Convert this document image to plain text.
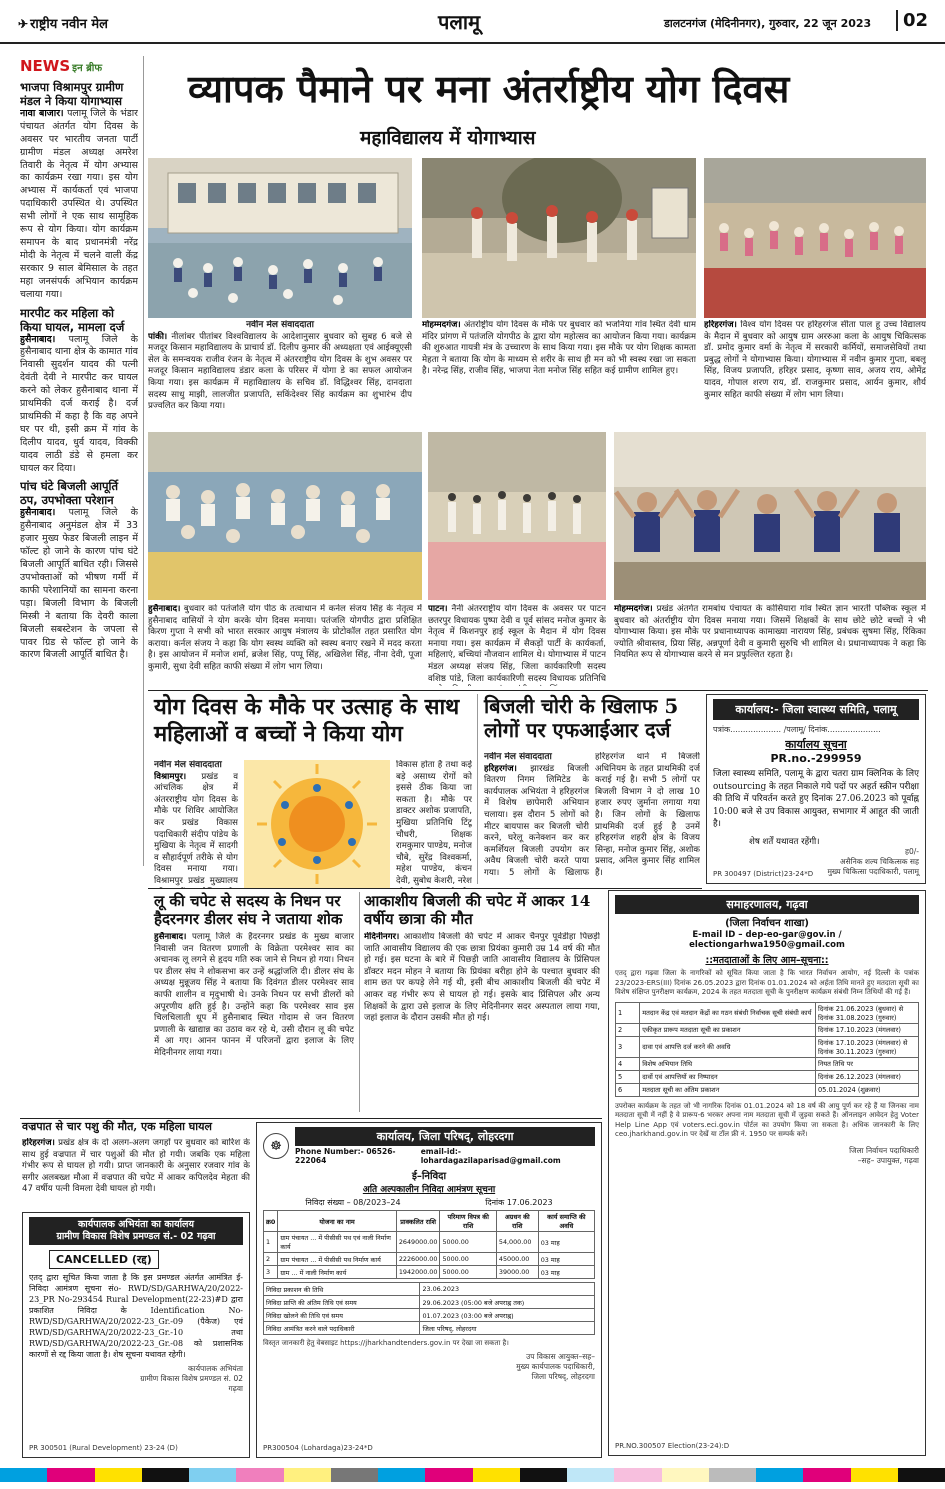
✈ राष्ट्रीय नवीन मेल	पलामू	डालटनगंज (मेदिनीनगर), गुरुवार, 22 जून 2023	02
NEWS इन ब्रीफ
भाजपा विश्रामपुर ग्रामीण मंडल ने किया योगाभ्यास
नावा बाजार। पलामू जिले के भंडार पंचायत अंतर्गत योग दिवस के अवसर पर भारतीय जनता पार्टी ग्रामीण मंडल अध्यक्ष अमरेश तिवारी के नेतृत्व में योग अभ्यास का कार्यक्रम रखा गया। इस योग अभ्यास में कार्यकर्ता एवं भाजपा पदाधिकारी उपस्थित थे। उपस्थित सभी लोगों ने एक साथ सामूहिक रूप से योग किया। योग कार्यक्रम समापन के बाद प्रधानमंत्री नरेंद्र मोदी के नेतृत्व में चलने वाली केंद्र सरकार 9 साल बेमिसाल के तहत महा जनसंपर्क अभियान कार्यक्रम चलाया गया।
मारपीट कर महिला को किया घायल, मामला दर्ज
हुसैनाबाद। पलामू जिले के हुसैनाबाद थाना क्षेत्र के कामात गांव निवासी सुदर्शन यादव की पत्नी देवंती देवी ने मारपीट कर घायल करने को लेकर हुसैनाबाद थाना में प्राथमिकी दर्ज कराई है। दर्ज प्राथमिकी में कहा है कि वह अपने घर पर थी, इसी क्रम में गांव के दिलीप यादव, धुर्व यादव, विक्की यादव लाठी डंडे से हमला कर घायल कर दिया।
पांच घंटे बिजली आपूर्ति ठप, उपभोक्ता परेशान
हुसैनाबाद। पलामू जिले के हुसैनाबाद अनुमंडल क्षेत्र में 33 हजार मुख्य फेडर बिजली लाइन में फॉल्ट हो जाने के कारण पांच घंटे बिजली आपूर्ति बाधित रही। जिससे उपभोक्ताओं को भीषण गर्मी में काफी परेशानियों का सामना करना पड़ा। बिजली विभाग के बिजली मिस्त्री ने बताया कि देवरी काला बिजली सबस्टेशन के जपला से पावर ग्रिड से फॉल्ट हो जाने के कारण बिजली आपूर्ति बाधित है।
व्यापक पैमाने पर मना अंतर्राष्ट्रीय योग दिवस
महाविद्यालय में योगाभ्यास
नवीन मेल संवाददाता
पांकी। नीलांबर पीतांबर विश्वविद्यालय के आदेशानुसार बुधवार को सुबह 6 बजे से मजदूर किसान महाविद्यालय के प्राचार्य डॉ. दिलीप कुमार की अध्यक्षता एवं आईक्यूएसी सेल के समन्वयक राजीव रंजन के नेतृत्व में अंतरराष्ट्रीय योग दिवस के शुभ अवसर पर मजदूर किसान महाविद्यालय डंडार कला के परिसर में योगा डे का सफल आयोजन किया गया। इस कार्यक्रम में महाविद्यालय के सचिव डॉ. विद्धिश्वर सिंह, दानदाता सदस्य साधु माझी, लालजीत प्रजापति, सकिंदेश्वर सिंह कार्यक्रम का शुभारंभ दीप प्रज्वलित कर किया गया।
मोहम्मदगंज। अंतर्राष्ट्रीय योग दिवस के मौके पर बुधवार को भजनिया गांव स्थित देवी धाम मंदिर प्रांगण में पतंजलि योगपीठ के द्वारा योग महोत्सव का आयोजन किया गया। कार्यक्रम की शुरुआत गायत्री मंत्र के उच्चारण के साथ किया गया। इस मौके पर योग शिक्षक कामता मेहता ने बताया कि योग के माध्यम से शरीर के साथ ही मन को भी स्वस्थ रखा जा सकता है। नरेन्द्र सिंह, राजीव सिंह, भाजपा नेता मनोज सिंह सहित कई ग्रामीण शामिल हुए।
हरिहरगंज। विश्व योग दिवस पर हरिहरगंज सीता पाल हू उच्च विद्यालय के मैदान में बुधवार को आयुष ग्राम अररुआ कला के आयुष चिकित्सक डॉ. प्रमोद कुमार वर्मा के नेतृत्व में सरकारी कर्मियों, समाजसेवियों तथा प्रबुद्ध लोगों ने योगाभ्यास किया। योगाभ्यास में नवीन कुमार गुप्ता, बबलू सिंह, विजय प्रजापति, हरिहर प्रसाद, कृष्णा साव, अजय राय, ओमेंद्र यादव, गोपाल शरण राय, डॉ. राजकुमार प्रसाद, आर्यन कुमार, शौर्य कुमार सहित काफी संख्या में लोग भाग लिया।
हुसैनाबाद। बुधवार को पतंजलि योग पीठ के तत्वाधान में कर्नल संजय सिंह के नेतृत्व में हुसैनाबाद वासियों ने योग करके योग दिवस मनाया। पतंजलि योगपीठ द्वारा प्रशिक्षित किरण गुप्ता ने सभी को भारत सरकार आयुष मंत्रालय के प्रोटोकॉल तहत प्रसारित योग कराया। कर्नल संजय ने कहा कि योग स्वस्थ व्यक्ति को स्वस्थ बनाए रखने में मदद करता है। इस आयोजन में मनोज शर्मा, ब्रजेश सिंह, पप्पू सिंह, अखिलेश सिंह, नीना देवी, पूजा कुमारी, सुधा देवी सहित काफी संख्या में लोग भाग लिया।
पाटन। नैनी अंतरराष्ट्रीय योग दिवस के अवसर पर पाटन छतरपुर विधायक पुष्पा देवी व पूर्व सांसद मनोज कुमार के नेतृत्व में किशनपुर हाई स्कूल के मैदान में योग दिवस मनाया गया। इस कार्यक्रम में सैकड़ों पार्टी के कार्यकर्ता, महिलाएं, बच्चियां नौजवान शामिल थे। योगाभ्यास में पाटन मंडल अध्यक्ष संजय सिंह, जिला कार्यकारिणी सदस्य वशिष्ठ पांडे, जिला कार्यकारिणी सदस्य विधायक प्रतिनिधि
मोहम्मदगंज। प्रखंड अंतर्गत रामबांध पंचायत के कोसियारा गांव स्थित ज्ञान भारती पब्लिक स्कूल में बुधवार को अंतर्राष्ट्रीय योग दिवस मनाया गया। जिसमें शिक्षकों के साथ छोटे छोटे बच्चों ने भी योगाभ्यास किया। इस मौके पर प्रधानाध्यापक कामाख्या नारायण सिंह, प्रबंधक सुषमा सिंह, रिंकिका ज्योति श्रीवास्तव, प्रिया सिंह, अन्नपूर्णा देवी व कुमारी सुरुचि भी शामिल थे। प्रधानाध्यापक ने कहा कि नियमित रूप से योगाभ्यास करने से मन प्रफुल्लित रहता है।
योग दिवस के मौके पर उत्साह के साथ महिलाओं व बच्चों ने किया योग
नवीन मेल संवाददाता
विश्रामपुर। प्रखंड व आंचलिक क्षेत्र में अंतरराष्ट्रीय योग दिवस के मौके पर शिविर आयोजित कर प्रखंड विकास पदाधिकारी संदीप पांडेय के मुखिया के नेतृत्व में सादगी व सौहार्दपूर्ण तरीके से योग दिवस मनाया गया। विश्रामपुर प्रखंड मुख्यालय
विकास होता है तथा कई बड़े असाध्य रोगों को इससे ठीक किया जा सकता है। मौके पर डाक्टर अशोक प्रजापति, मुखिया प्रतिनिधि टिंटू चौधरी, शिक्षक रामकुमार पाण्डेय, मनोज चौबे, सुरेंद्र विश्वकर्मा, महेश पाण्डेय, कंचन देवी, सुबोध केशरी, नरेश
बिजली चोरी के खिलाफ 5 लोगों पर एफआईआर दर्ज
नवीन मेल संवाददाता
हरिहरगंज। झारखंड बिजली वितरण निगम लिमिटेड के कार्यपालक अभियंता ने हरिहरगंज में विशेष छापेमारी अभियान चलाया। इस दौरान 5 लोगों को मीटर बायपास कर बिजली चोरी करने, घरेलू कनेक्शन कर कर कमर्शियल बिजली उपयोग कर अवैध बिजली चोरी करते पाया गया। 5 लोगों के खिलाफ हरिहरगंज थाने में बिजली अधिनियम के तहत प्राथमिकी दर्ज कराई गई है। सभी 5 लोगों पर बिजली विभाग ने दो लाख 10 हजार रुपए जुर्माना लगाया गया है। जिन लोगों के खिलाफ प्राथमिकी दर्ज हुई है उनमें हरिहरगंज शहरी क्षेत्र के विजय सिन्हा, मनोज कुमार सिंह, अशोक प्रसाद, अनिल कुमार सिंह शामिल हैं।
कार्यालय:- जिला स्वास्थ्य समिति, पलामू
पत्रांक.................... /पलामू/ दिनांक.....................
कार्यालय सूचना
PR.no.-299959
जिला स्वास्थ्य समिति, पलामू के द्वारा चतरा ग्राम क्लिनिक के लिए outsourcing के तहत निकाले गये पदों पर अहर्त स्क्रीन परीक्षा की तिथि में परिवर्तन करते हुए दिनांक 27.06.2023 को पूर्वाह्न 10:00 बजे से उप विकास आयुक्त, सभागार में आहूत की जाती है।
शेष शर्तें यथावत रहेंगी।
ह0/-
असैनिक शल्य चिकित्सक सह
मुख्य चिकित्सा पदाधिकारी, पलामू
PR 300497 (District)23-24*D
लू की चपेट से सदस्य के निधन पर हैदरनगर डीलर संघ ने जताया शोक
हुसैनाबाद। पलामू जिले के हैदरनगर प्रखंड के मुख्य बाजार निवासी जन वितरण प्रणाली के विक्रेता परमेश्वर साव का अचानक लू लगने से हृदय गति रुक जाने से निधन हो गया। निधन पर डीलर संघ ने शोकसभा कर उन्हें श्रद्धांजलि दी। डीलर संघ के अध्यक्ष मुन्नूजय सिंह ने बताया कि दिवंगत डीलर परमेश्वर साव काफी शालीन व मृदुभाषी थे। उनके निधन पर सभी डीलरों को अपूरणीय क्षति हुई है। उन्होंने कहा कि परमेश्वर साव इस चिलचिलाती धूप में हुसैनाबाद स्थित गोदाम से जन वितरण प्रणाली के खाद्यान्न का उठाव कर रहे थे, उसी दौरान लू की चपेट में आ गए। आनन फानन में परिजनों द्वारा इलाज के लिए मेदिनीनगर लाया गया।
आकाशीय बिजली की चपेट में आकर 14 वर्षीय छात्रा की मौत
मेदिनीनगर। आकाशीय बिजली की चपेट में आकर चैनपुर पूर्वडीहा पिछड़ी जाति आवासीय विद्यालय की एक छात्रा प्रियंका कुमारी उम्र 14 वर्ष की मौत हो गई। इस घटना के बारे में पिछड़ी जाति आवासीय विद्यालय के प्रिंसिपल डॉक्टर मदन मोहन ने बताया कि प्रियंका बरीहा होने के पश्चात बुधवार की शाम छत पर कपड़े लेने गई थी, इसी बीच आकाशीय बिजली की चपेट में आकर वह गंभीर रूप से घायल हो गई। इसके बाद प्रिंसिपल और अन्य शिक्षकों के द्वारा उसे इलाज के लिए मेदिनीनगर सदर अस्पताल लाया गया, जहां इलाज के दौरान उसकी मौत हो गई।
समाहरणालय, गढ़वा
(जिला निर्वाचन शाखा)
E-mail ID – dep-eo-gar@gov.in / electiongarhwa1950@gmail.com
::मतदाताओं के लिए आम–सूचना::
एतद् द्वारा गढ़वा जिला के नागरिकों को सूचित किया जाता है कि भारत निर्वाचन आयोग, नई दिल्ली के पत्रांक 23/2023-ERS(III) दिनांक 26.05.2023 द्वारा दिनांक 01.01.2024 को अर्हता तिथि मानते हुए मतदाता सूची का विशेष संक्षिप्त पुनरीक्षण कार्यक्रम, 2024 के तहत मतदाता सूची के पुनरीक्षण कार्यक्रम संबंधी निम्न तिथियों की गई हैं।
1	मतदान केंद्र एवं मतदान केंद्रों का गठन संबंधी निर्वाचक सूची संबंधी कार्य	दिनांक 21.06.2023 (बुधवार) से दिनांक 31.08.2023 (गुरुवार)
2	एकीकृत प्रारूप मतदाता सूची का प्रकाशन	दिनांक 17.10.2023 (मंगलवार)
3	दावा एवं आपत्ति दर्ज करने की अवधि	दिनांक 17.10.2023 (मंगलवार) से दिनांक 30.11.2023 (गुरुवार)
4	विशेष अभियान तिथि	नियत तिथि पर
5	दावों एवं आपत्तियों का निष्पादन	दिनांक 26.12.2023 (मंगलवार)
6	मतदाता सूची का अंतिम प्रकाशन	05.01.2024 (शुक्रवार)
उपरोक्त कार्यक्रम के तहत जो भी नागरिक दिनांक 01.01.2024 को 18 वर्ष की आयु पूर्ण कर रहे हैं या जिनका नाम मतदाता सूची में नहीं है वे प्रारूप-6 भरकर अपना नाम मतदाता सूची में जुड़वा सकते हैं। ऑनलाइन आवेदन हेतु Voter Help Line App एवं voters.eci.gov.in पोर्टल का उपयोग किया जा सकता है। अधिक जानकारी के लिए ceo.jharkhand.gov.in पर देखें या टॉल फ्री नं. 1950 पर सम्पर्क करें।
जिला निर्वाचन पदाधिकारी
–सह– उपायुक्त, गढ़वा
PR.NO.300507 Election(23-24):D
वज्रपात से चार पशु की मौत, एक महिला घायल
हरिहरगंज। प्रखंड क्षेत्र के दो अलग-अलग जगहों पर बुधवार को बारिश के साथ हुई वज्रपात में चार पशुओं की मौत हो गयी। जबकि एक महिला गंभीर रूप से घायल हो गयी। प्राप्त जानकारी के अनुसार रजवार गांव के सगीर अलबख्श मौआ में वज्रपात की चपेट में आकर कपिलदेव मेहता की 47 वर्षीय पत्नी विमला देवी घायल हो गयी।
कार्यपालक अभियंता का कार्यालय
ग्रामीण विकास विशेष प्रमण्डल सं.- 02 गढ़वा
CANCELLED (रद्द)
एतद् द्वारा सूचित किया जाता है कि इस प्रमण्डल अंतर्गत आमंत्रित ई-निविदा आमंत्रण सूचना संo- RWD/SD/GARHWA/20/2022-23_PR No-293454 Rural Development(22-23)#D द्वारा प्रकाशित निविदा के Identification No- RWD/SD/GARHWA/20/2022-23_Gr.-09 (पैकेज) एवं RWD/SD/GARHWA/20/2022-23_Gr.-10 तथा RWD/SD/GARHWA/20/2022-23_Gr.-08 को प्रशासनिक कारणों से रद्द किया जाता है। शेष सूचना यथावत रहेगी।
कार्यपालक अभियंता
ग्रामीण विकास विशेष प्रमण्डल सं. 02
गढ़वा
PR 300501 (Rural Development) 23-24 (D)
☸
कार्यालय, जिला परिषद्, लोहरदगा
Phone Number:- 06526-222064
email-id:- lohardagazilaparisad@gmail.com
ई–निविदा
अति अल्पकालीन निविदा आमंत्रण सूचना
निविदा संख्या – 08/2023–24	दिनांक 17.06.2023
क्र0	योजना का नाम	प्राक्कलित राशि	परिमाण विपत्र की राशि	अग्रधन की राशि	कार्य समाप्ति की अवधि
1	ग्राम पंचायत ... में पीसीसी पथ एवं नाली निर्माण कार्य	2649000.00	5000.00	54,000.00	03 माह
2	ग्राम पंचायत ... में पीसीसी पथ निर्माण कार्य	2226000.00	5000.00	45000.00	03 माह
3	ग्राम ... में नाली निर्माण कार्य	1942000.00	5000.00	39000.00	03 माह
निविदा प्रकाशन की तिथि	23.06.2023
निविदा प्राप्ति की अंतिम तिथि एवं समय	29.06.2023 (05:00 बजे अपराह्न तक)
निविदा खोलने की तिथि एवं समय	01.07.2023 (03:00 बजे अपराह्न)
निविदा आमंत्रित करने वाले पदाधिकारी	जिला परिषद्, लोहरदगा
विस्तृत जानकारी हेतु वेबसाइट https://jharkhandtenders.gov.in पर देखा जा सकता है।
उप विकास आयुक्त–सह–
मुख्य कार्यपालक पदाधिकारी,
जिला परिषद्, लोहरदगा
PR300504 (Lohardaga)23-24*D
